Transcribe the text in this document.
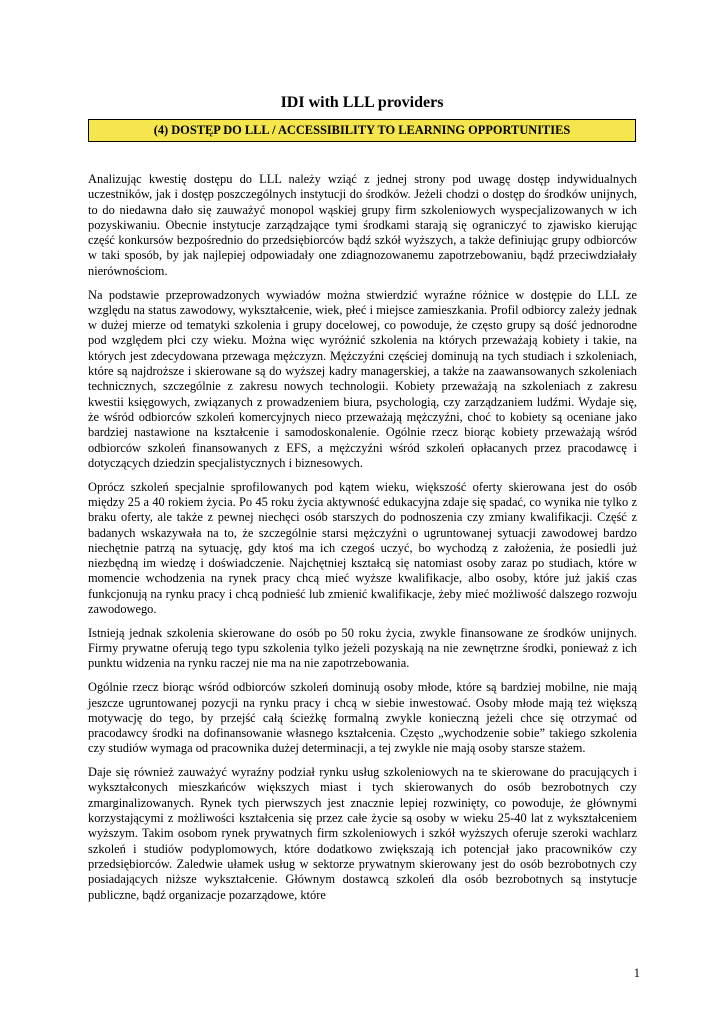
IDI with LLL providers
(4) DOSTĘP DO LLL / ACCESSIBILITY TO LEARNING OPPORTUNITIES

Analizując kwestię dostępu do LLL należy wziąć z jednej strony pod uwagę dostęp indywidualnych uczestników, jak i dostęp poszczególnych instytucji do środków. Jeżeli chodzi o dostęp do środków unijnych, to do niedawna dało się zauważyć monopol wąskiej grupy firm szkoleniowych wyspecjalizowanych w ich pozyskiwaniu. Obecnie instytucje zarządzające tymi środkami starają się ograniczyć to zjawisko kierując część konkursów bezpośrednio do przedsiębiorców bądź szkół wyższych, a także definiując grupy odbiorców w taki sposób, by jak najlepiej odpowiadały one zdiagnozowanemu zapotrzebowaniu, bądź przeciwdziałały nierównościom.

Na podstawie przeprowadzonych wywiadów można stwierdzić wyraźne różnice w dostępie do LLL ze względu na status zawodowy, wykształcenie, wiek, płeć i miejsce zamieszkania. Profil odbiorcy zależy jednak w dużej mierze od tematyki szkolenia i grupy docelowej, co powoduje, że często grupy są dość jednorodne pod względem płci czy wieku. Można więc wyróżnić szkolenia na których przeważają kobiety i takie, na których jest zdecydowana przewaga mężczyzn. Mężczyźni częściej dominują na tych studiach i szkoleniach, które są najdroższe i skierowane są do wyższej kadry managerskiej, a także na zaawansowanych szkoleniach technicznych, szczególnie z zakresu nowych technologii. Kobiety przeważają na szkoleniach z zakresu kwestii księgowych, związanych z prowadzeniem biura, psychologią, czy zarządzaniem ludźmi. Wydaje się, że wśród odbiorców szkoleń komercyjnych nieco przeważają mężczyźni, choć to kobiety są oceniane jako bardziej nastawione na kształcenie i samodoskonalenie. Ogólnie rzecz biorąc kobiety przeważają wśród odbiorców szkoleń finansowanych z EFS, a mężczyźni wśród szkoleń opłacanych przez pracodawcę i dotyczących dziedzin specjalistycznych i biznesowych.

Oprócz szkoleń specjalnie sprofilowanych pod kątem wieku, większość oferty skierowana jest do osób między 25 a 40 rokiem życia. Po 45 roku życia aktywność edukacyjna zdaje się spadać, co wynika nie tylko z braku oferty, ale także z pewnej niechęci osób starszych do podnoszenia czy zmiany kwalifikacji. Część z badanych wskazywała na to, że szczególnie starsi mężczyźni o ugruntowanej sytuacji zawodowej bardzo niechętnie patrzą na sytuację, gdy ktoś ma ich czegoś uczyć, bo wychodzą z założenia, że posiedli już niezbędną im wiedzę i doświadczenie. Najchętniej kształcą się natomiast osoby zaraz po studiach, które w momencie wchodzenia na rynek pracy chcą mieć wyższe kwalifikacje, albo osoby, które już jakiś czas funkcjonują na rynku pracy i chcą podnieść lub zmienić kwalifikacje, żeby mieć możliwość dalszego rozwoju zawodowego.

Istnieją jednak szkolenia skierowane do osób po 50 roku życia, zwykle finansowane ze środków unijnych. Firmy prywatne oferują tego typu szkolenia tylko jeżeli pozyskają na nie zewnętrzne środki, ponieważ z ich punktu widzenia na rynku raczej nie ma na nie zapotrzebowania.

Ogólnie rzecz biorąc wśród odbiorców szkoleń dominują osoby młode, które są bardziej mobilne, nie mają jeszcze ugruntowanej pozycji na rynku pracy i chcą w siebie inwestować. Osoby młode mają też większą motywację do tego, by przejść całą ścieżkę formalną zwykle konieczną jeżeli chce się otrzymać od pracodawcy środki na dofinansowanie własnego kształcenia. Często „wychodzenie sobie” takiego szkolenia czy studiów wymaga od pracownika dużej determinacji, a tej zwykle nie mają osoby starsze stażem.

Daje się również zauważyć wyraźny podział rynku usług szkoleniowych na te skierowane do pracujących i wykształconych mieszkańców większych miast i tych skierowanych do osób bezrobotnych czy zmarginalizowanych. Rynek tych pierwszych jest znacznie lepiej rozwinięty, co powoduje, że głównymi korzystającymi z możliwości kształcenia się przez całe życie są osoby w wieku 25-40 lat z wykształceniem wyższym. Takim osobom rynek prywatnych firm szkoleniowych i szkół wyższych oferuje szeroki wachlarz szkoleń i studiów podyplomowych, które dodatkowo zwiększają ich potencjał jako pracowników czy przedsiębiorców. Zaledwie ułamek usług w sektorze prywatnym skierowany jest do osób bezrobotnych czy posiadających niższe wykształcenie. Głównym dostawcą szkoleń dla osób bezrobotnych są instytucje publiczne, bądź organizacje pozarządowe, które

1
